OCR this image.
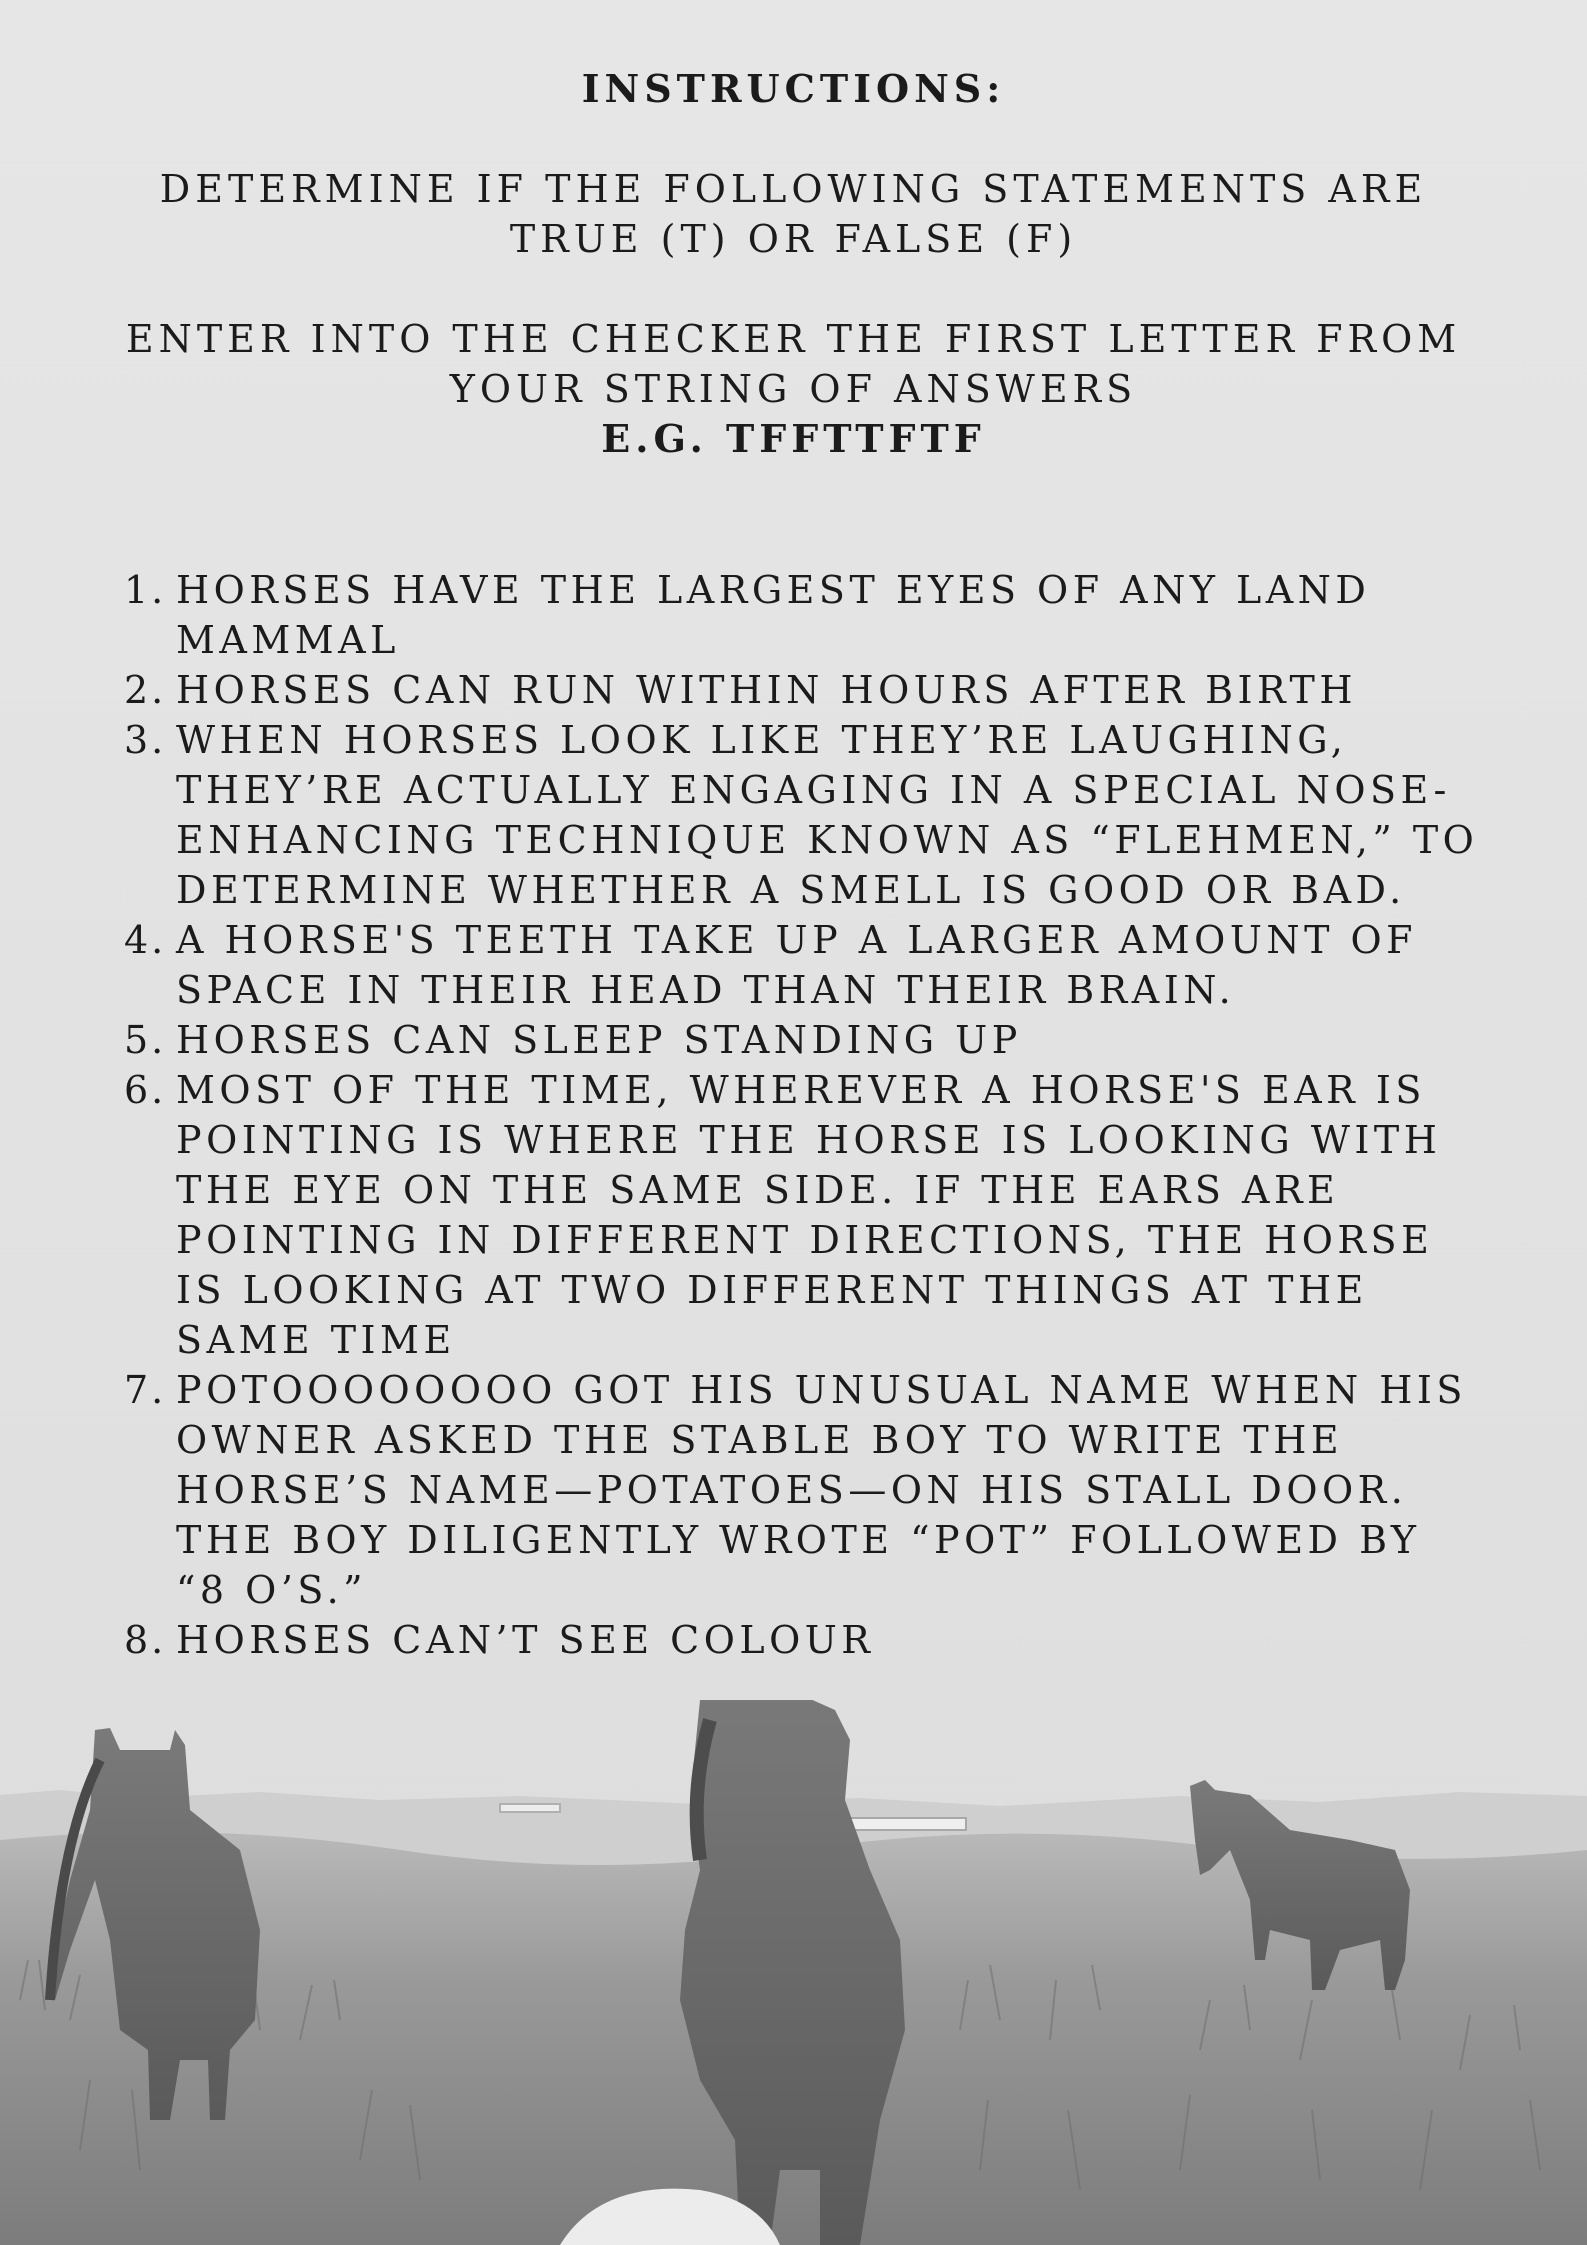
INSTRUCTIONS:

DETERMINE IF THE FOLLOWING STATEMENTS ARE

TRUE (T) OR FALSE (F)

ENTER INTO THE CHECKER THE FIRST LETTER FROM

YOUR STRING OF ANSWERS

E.G. TFFTTFTF

1. HORSES HAVE THE LARGEST EYES OF ANY LAND MAMMAL
2. HORSES CAN RUN WITHIN HOURS AFTER BIRTH
3. WHEN HORSES LOOK LIKE THEY’RE LAUGHING, THEY’RE ACTUALLY ENGAGING IN A SPECIAL NOSE-ENHANCING TECHNIQUE KNOWN AS “FLEHMEN,” TO DETERMINE WHETHER A SMELL IS GOOD OR BAD.
4. A HORSE'S TEETH TAKE UP A LARGER AMOUNT OF SPACE IN THEIR HEAD THAN THEIR BRAIN.
5. HORSES CAN SLEEP STANDING UP
6. MOST OF THE TIME, WHEREVER A HORSE'S EAR IS POINTING IS WHERE THE HORSE IS LOOKING WITH THE EYE ON THE SAME SIDE. IF THE EARS ARE POINTING IN DIFFERENT DIRECTIONS, THE HORSE IS LOOKING AT TWO DIFFERENT THINGS AT THE SAME TIME
7. POTOOOOOOOO GOT HIS UNUSUAL NAME WHEN HIS OWNER ASKED THE STABLE BOY TO WRITE THE HORSE’S NAME—POTATOES—ON HIS STALL DOOR. THE BOY DILIGENTLY WROTE “POT” FOLLOWED BY “8 O’S.”
8. HORSES CAN’T SEE COLOUR
